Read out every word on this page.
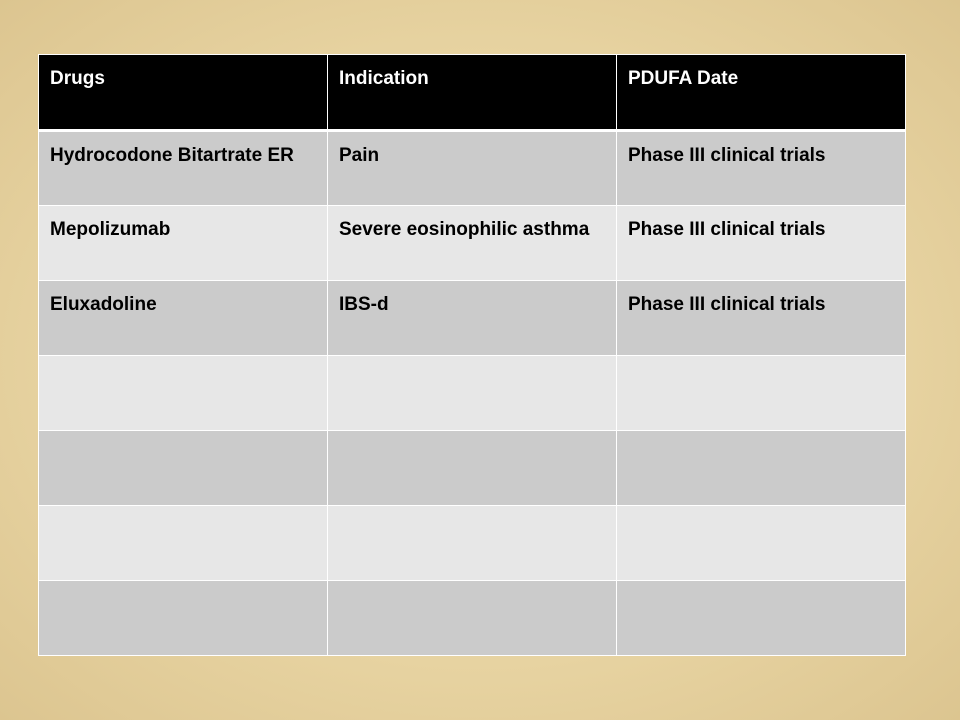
Drugs	Indication	PDUFA Date
Hydrocodone Bitartrate ER	Pain	Phase III clinical trials
Mepolizumab	Severe eosinophilic asthma	Phase III clinical trials
Eluxadoline	IBS-d	Phase III clinical trials
